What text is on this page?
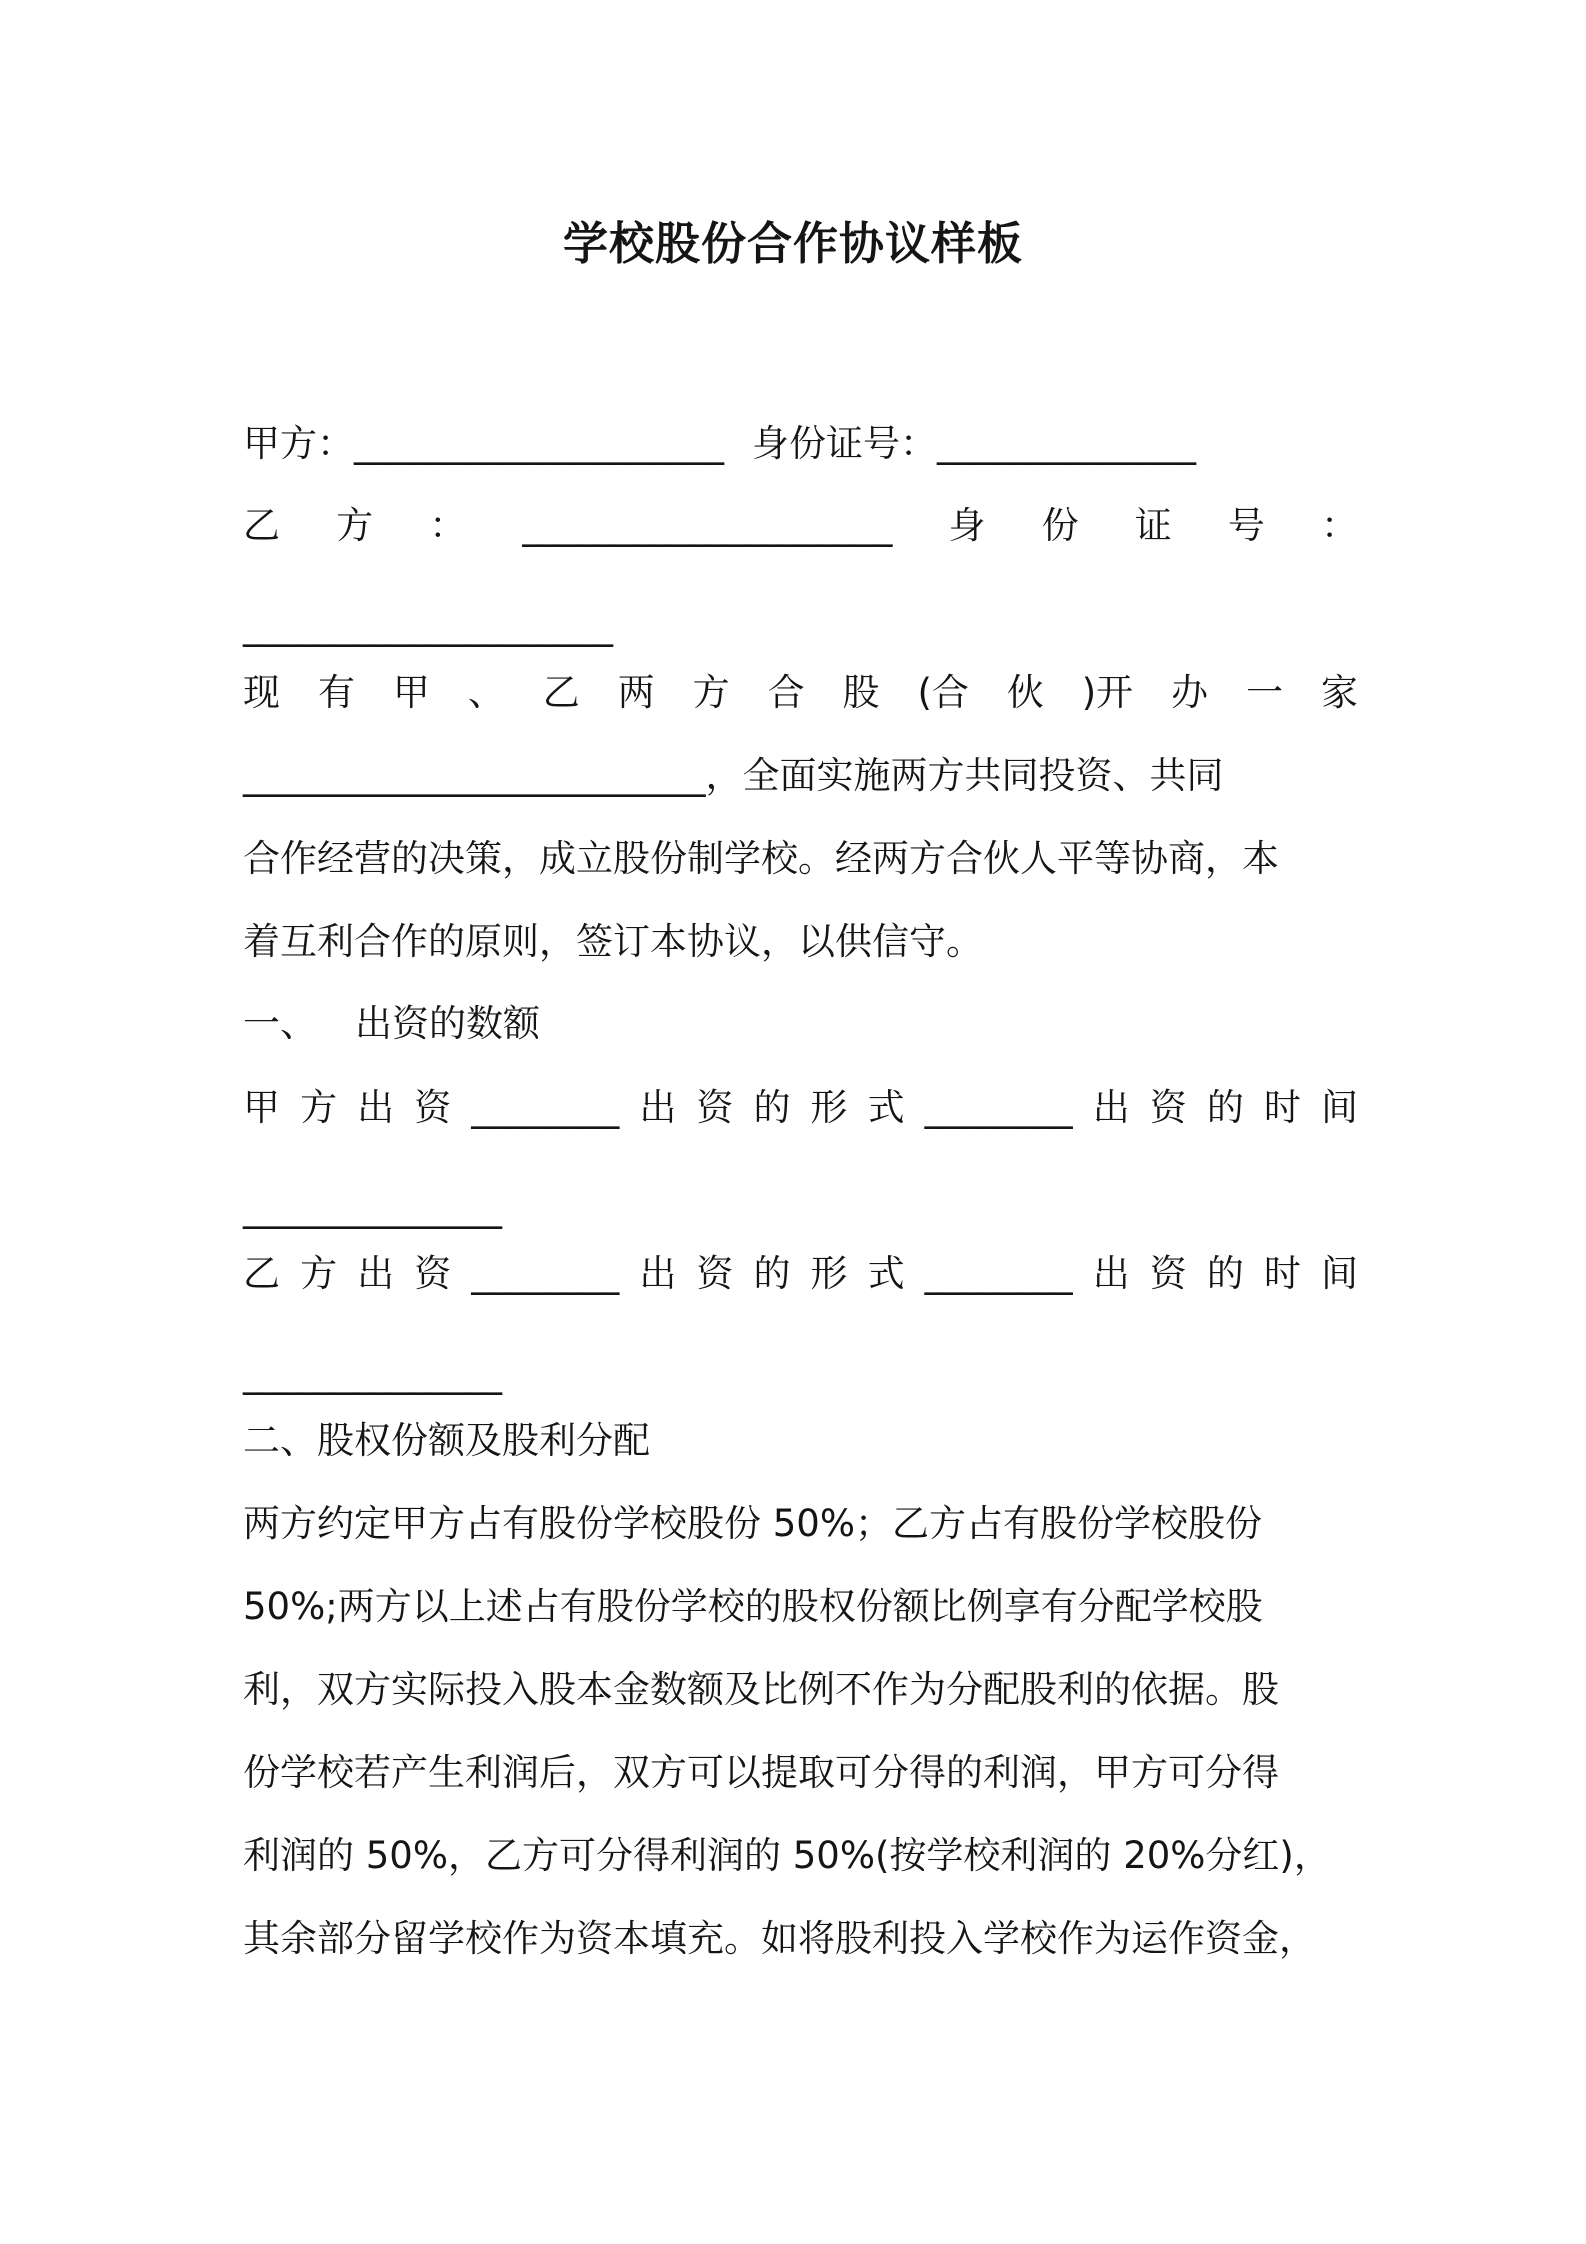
学校股份合作协议样板
甲方：____________________ 身份证号：______________
乙 方 ： ____________________ 身 份 证 号 ：
____________________
现 有 甲 、 乙 两 方 合 股 (合 伙 )开 办 一 家
_________________________，全面实施两方共同投资、共同
合作经营的决策，成立股份制学校。经两方合伙人平等协商，本
着互利合作的原则，签订本协议，以供信守。
一、 出资的数额
甲 方 出 资 ________ 出 资 的 形 式 ________ 出 资 的 时 间
______________
乙 方 出 资 ________ 出 资 的 形 式 ________ 出 资 的 时 间
______________
二、股权份额及股利分配
两方约定甲方占有股份学校股份 50%；乙方占有股份学校股份
50%;两方以上述占有股份学校的股权份额比例享有分配学校股
利，双方实际投入股本金数额及比例不作为分配股利的依据。股
份学校若产生利润后，双方可以提取可分得的利润，甲方可分得
利润的 50%，乙方可分得利润的 50%(按学校利润的 20%分红)，
其余部分留学校作为资本填充。如将股利投入学校作为运作资金，
